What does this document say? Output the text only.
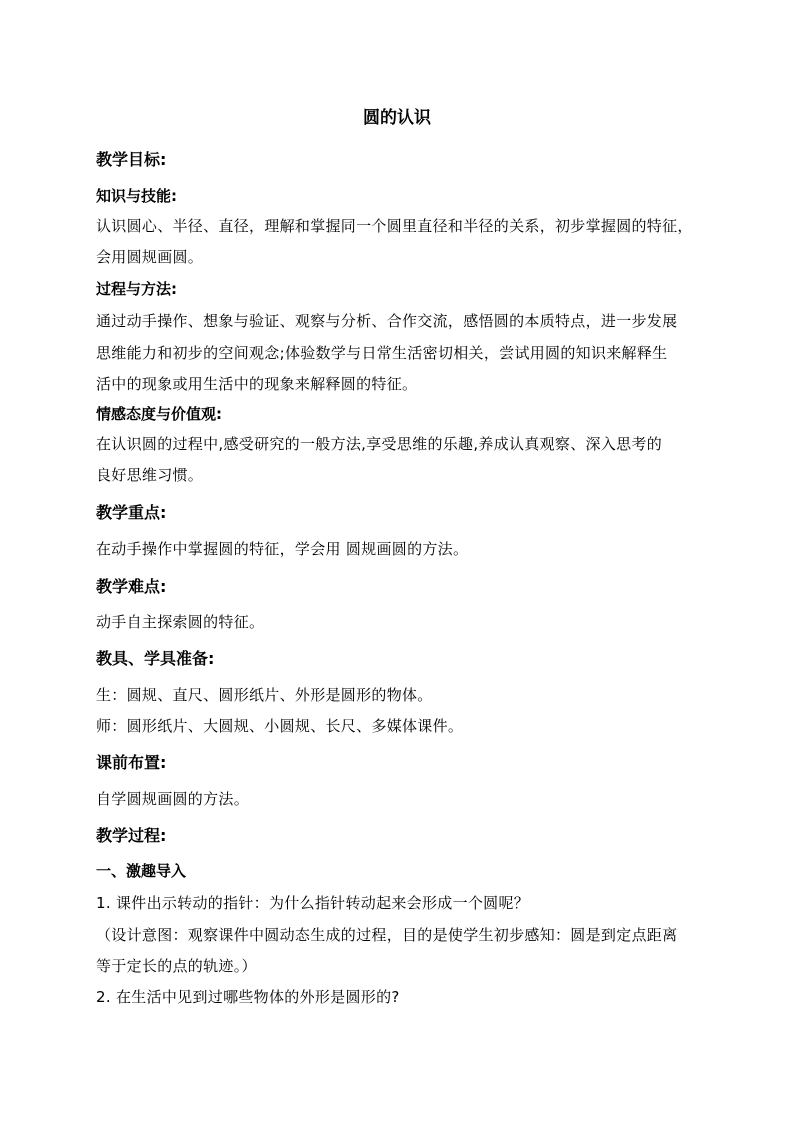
圆的认识
教学目标:
知识与技能:
认识圆心、半径、直径，理解和掌握同一个圆里直径和半径的关系，初步掌握圆的特征，
会用圆规画圆。
过程与方法:
通过动手操作、想象与验证、观察与分析、合作交流，感悟圆的本质特点，进一步发展
思维能力和初步的空间观念;体验数学与日常生活密切相关，尝试用圆的知识来解释生
活中的现象或用生活中的现象来解释圆的特征。
情感态度与价值观:
在认识圆的过程中,感受研究的一般方法,享受思维的乐趣,养成认真观察、深入思考的
良好思维习惯。
教学重点:
在动手操作中掌握圆的特征，学会用 圆规画圆的方法。
教学难点:
动手自主探索圆的特征。
教具、学具准备:
生：圆规、直尺、圆形纸片、外形是圆形的物体。
师：圆形纸片、大圆规、小圆规、长尺、多媒体课件。
课前布置:
自学圆规画圆的方法。
教学过程:
一、激趣导入
1. 课件出示转动的指针：为什么指针转动起来会形成一个圆呢？
（设计意图：观察课件中圆动态生成的过程，目的是使学生初步感知：圆是到定点距离
等于定长的点的轨迹。）
2. 在生活中见到过哪些物体的外形是圆形的?
